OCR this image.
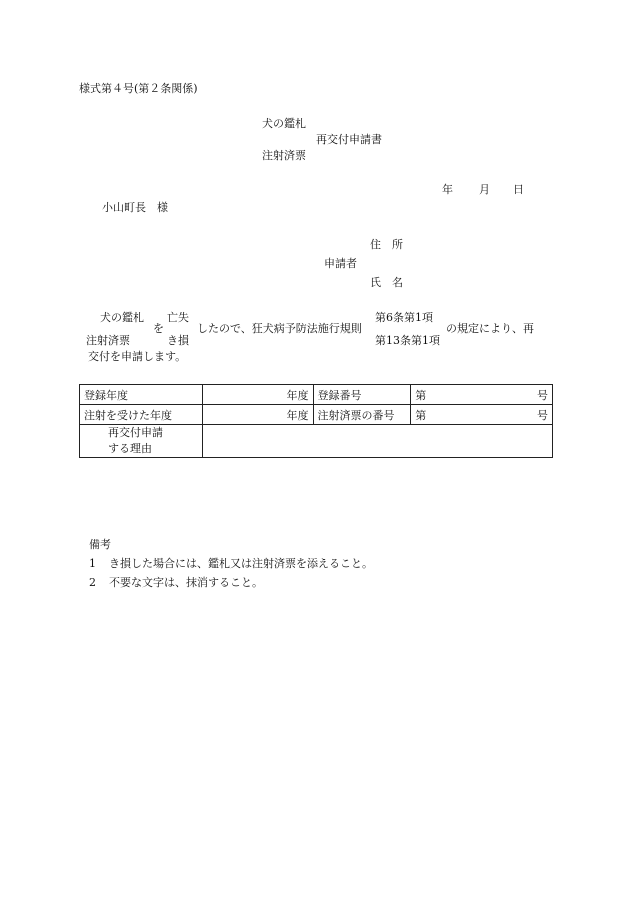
様式第４号(第２条関係)
犬の鑑札
再交付申請書
注射済票
年 月 日
小山町長　様
住　所
申請者
氏　名
犬の鑑札
注射済票
を
亡失
き損
したので、狂犬病予防法施行規則
第6条第1項
第13条第1項
の規定により、再
交付を申請します。
登録年度	年度	登録番号	第 号

注射を受けた年度	年度	注射済票の番号	第 号

再交付申請
する理由			
備考
1	き損した場合には、鑑札又は注射済票を添えること。
2	不要な文字は、抹消すること。
